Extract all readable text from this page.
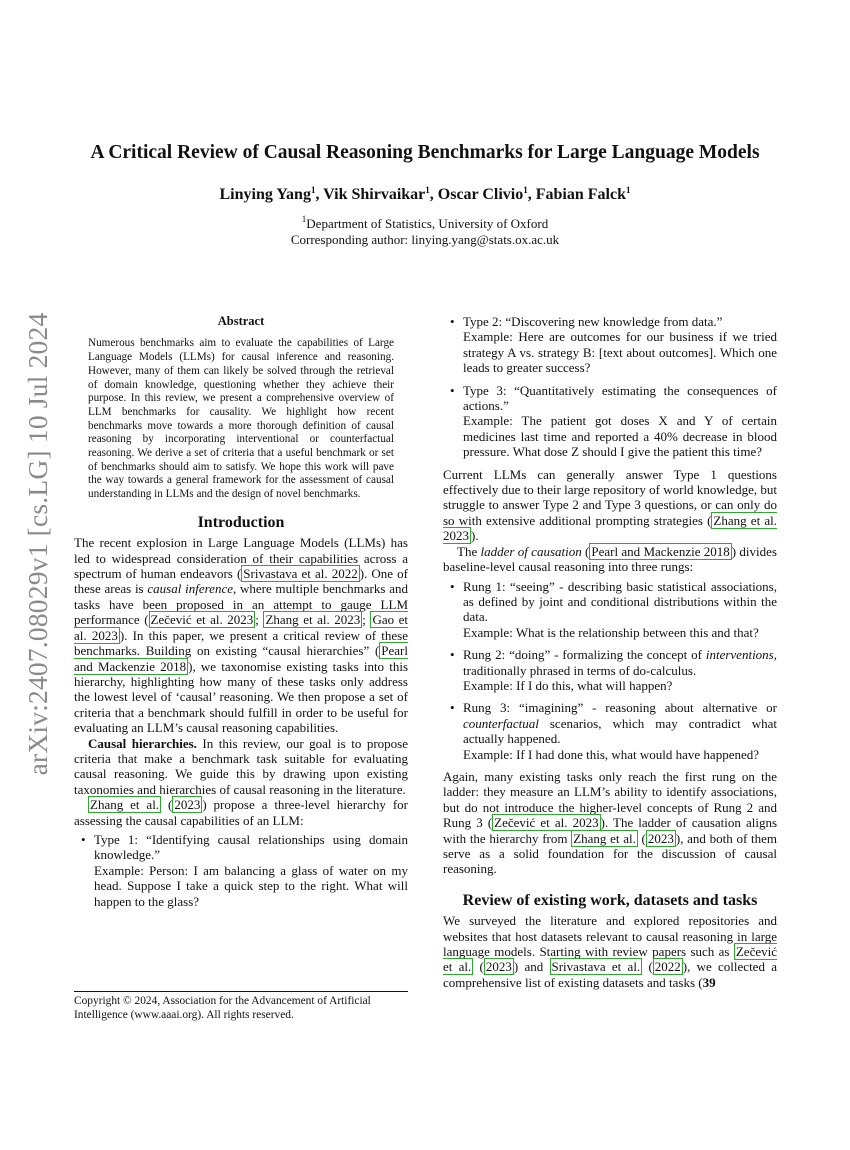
arXiv:2407.08029v1 [cs.LG] 10 Jul 2024
A Critical Review of Causal Reasoning Benchmarks for Large Language Models
Linying Yang$^1$, Vik Shirvaikar$^1$, Oscar Clivio$^1$, Fabian Falck$^1$
$^1$Department of Statistics, University of Oxford
Corresponding author: linying.yang@stats.ox.ac.uk
Abstract
Numerous benchmarks aim to evaluate the capabilities of Large Language Models (LLMs) for causal inference and reasoning. However, many of them can likely be solved through the retrieval of domain knowledge, questioning whether they achieve their purpose. In this review, we present a comprehensive overview of LLM benchmarks for causality. We highlight how recent benchmarks move towards a more thorough definition of causal reasoning by incorporating interventional or counterfactual reasoning. We derive a set of criteria that a useful benchmark or set of benchmarks should aim to satisfy. We hope this work will pave the way towards a general framework for the assessment of causal understanding in LLMs and the design of novel benchmarks.
Introduction

The recent explosion in Large Language Models (LLMs) has led to widespread consideration of their capabilities across a spectrum of human endeavors ( Srivastava et al. 2022 ). One of these areas is causal inference, where multiple benchmarks and tasks have been proposed in an attempt to gauge LLM performance ( Zečević et al. 2023 ; Zhang et al. 2023 ; Gao et al. 2023 ). In this paper, we present a critical review of these benchmarks. Building on existing “causal hierarchies” ( Pearl and Mackenzie 2018 ), we taxonomise existing tasks into this hierarchy, highlighting how many of these tasks only address the lowest level of ‘causal’ reasoning. We then propose a set of criteria that a benchmark should fulfill in order to be useful for evaluating an LLM’s causal reasoning capabilities.

Causal hierarchies. In this review, our goal is to propose criteria that make a benchmark task suitable for evaluating causal reasoning. We guide this by drawing upon existing taxonomies and hierarchies of causal reasoning in the literature.

Zhang et al. ( 2023 ) propose a three-level hierarchy for assessing the causal capabilities of an LLM:

• Type 1: “Identifying causal relationships using domain knowledge.”
Example: Person: I am balancing a glass of water on my head. Suppose I take a quick step to the right. What will happen to the glass?
Copyright © 2024, Association for the Advancement of Artificial Intelligence (www.aaai.org). All rights reserved.
• Type 2: “Discovering new knowledge from data.”
Example: Here are outcomes for our business if we tried strategy A vs. strategy B: [text about outcomes]. Which one leads to greater success?
• Type 3: “Quantitatively estimating the consequences of actions.”
Example: The patient got doses X and Y of certain medicines last time and reported a 40% decrease in blood pressure. What dose Z should I give the patient this time?

Current LLMs can generally answer Type 1 questions effectively due to their large repository of world knowledge, but struggle to answer Type 2 and Type 3 questions, or can only do so with extensive additional prompting strategies ( Zhang et al. 2023 ).

The ladder of causation ( Pearl and Mackenzie 2018 ) divides baseline-level causal reasoning into three rungs:

• Rung 1: “seeing” - describing basic statistical associations, as defined by joint and conditional distributions within the data.
Example: What is the relationship between this and that?
• Rung 2: “doing” - formalizing the concept of interventions, traditionally phrased in terms of do-calculus.
Example: If I do this, what will happen?
• Rung 3: “imagining” - reasoning about alternative or counterfactual scenarios, which may contradict what actually happened.
Example: If I had done this, what would have happened?

Again, many existing tasks only reach the first rung on the ladder: they measure an LLM’s ability to identify associations, but do not introduce the higher-level concepts of Rung 2 and Rung 3 ( Zečević et al. 2023 ). The ladder of causation aligns with the hierarchy from Zhang et al. ( 2023 ), and both of them serve as a solid foundation for the discussion of causal reasoning.

Review of existing work, datasets and tasks

We surveyed the literature and explored repositories and websites that host datasets relevant to causal reasoning in large language models. Starting with review papers such as Zečević et al. ( 2023 ) and Srivastava et al. ( 2022 ), we collected a comprehensive list of existing datasets and tasks (39
